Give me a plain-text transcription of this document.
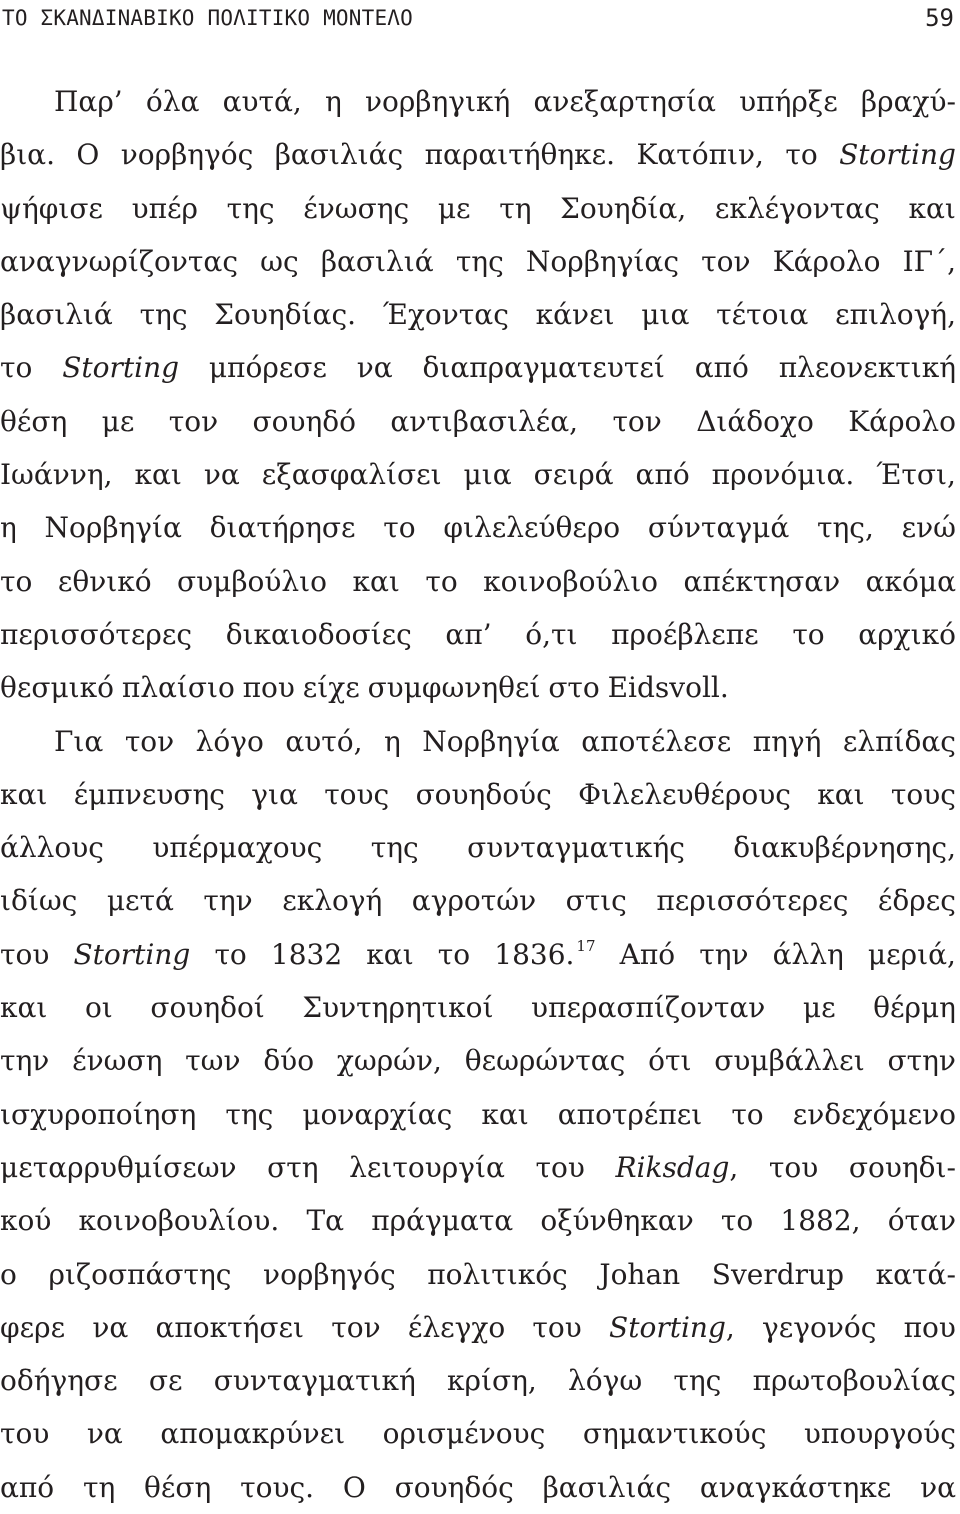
ΤΟ ΣΚΑΝΔΙΝΑΒΙΚΟ ΠΟΛΙΤΙΚΟ ΜΟΝΤΕΛΟ	59
Παρ’ όλα αυτά, η νορβηγική ανεξαρτησία υπήρξε βραχύ-
βια. Ο νορβηγός βασιλιάς παραιτήθηκε. Κατόπιν, το Storting
ψήφισε υπέρ της ένωσης με τη Σουηδία, εκλέγοντας και
αναγνωρίζοντας ως βασιλιά της Νορβηγίας τον Κάρολο ΙΓ΄,
βασιλιά της Σουηδίας. Έχοντας κάνει μια τέτοια επιλογή,
το Storting μπόρεσε να διαπραγματευτεί από πλεονεκτική
θέση με τον σουηδό αντιβασιλέα, τον Διάδοχο Κάρολο
Ιωάννη, και να εξασφαλίσει μια σειρά από προνόμια. Έτσι,
η Νορβηγία διατήρησε το φιλελεύθερο σύνταγμά της, ενώ
το εθνικό συμβούλιο και το κοινοβούλιο απέκτησαν ακόμα
περισσότερες δικαιοδοσίες απ’ ό,τι προέβλεπε το αρχικό
θεσμικό πλαίσιο που είχε συμφωνηθεί στο Eidsvoll.
Για τον λόγο αυτό, η Νορβηγία αποτέλεσε πηγή ελπίδας
και έμπνευσης για τους σουηδούς Φιλελευθέρους και τους
άλλους υπέρμαχους της συνταγματικής διακυβέρνησης,
ιδίως μετά την εκλογή αγροτών στις περισσότερες έδρες
του Storting το 1832 και το 1836. $^{17}$ Από την άλλη μεριά,
και οι σουηδοί Συντηρητικοί υπερασπίζονταν με θέρμη
την ένωση των δύο χωρών, θεωρώντας ότι συμβάλλει στην
ισχυροποίηση της μοναρχίας και αποτρέπει το ενδεχόμενο
μεταρρυθμίσεων στη λειτουργία του Riksdag, του σουηδι-
κού κοινοβουλίου. Τα πράγματα οξύνθηκαν το 1882, όταν
ο ριζοσπάστης νορβηγός πολιτικός Johan Sverdrup κατά-
φερε να αποκτήσει τον έλεγχο του Storting, γεγονός που
οδήγησε σε συνταγματική κρίση, λόγω της πρωτοβουλίας
του να απομακρύνει ορισμένους σημαντικούς υπουργούς
από τη θέση τους. Ο σουηδός βασιλιάς αναγκάστηκε να
